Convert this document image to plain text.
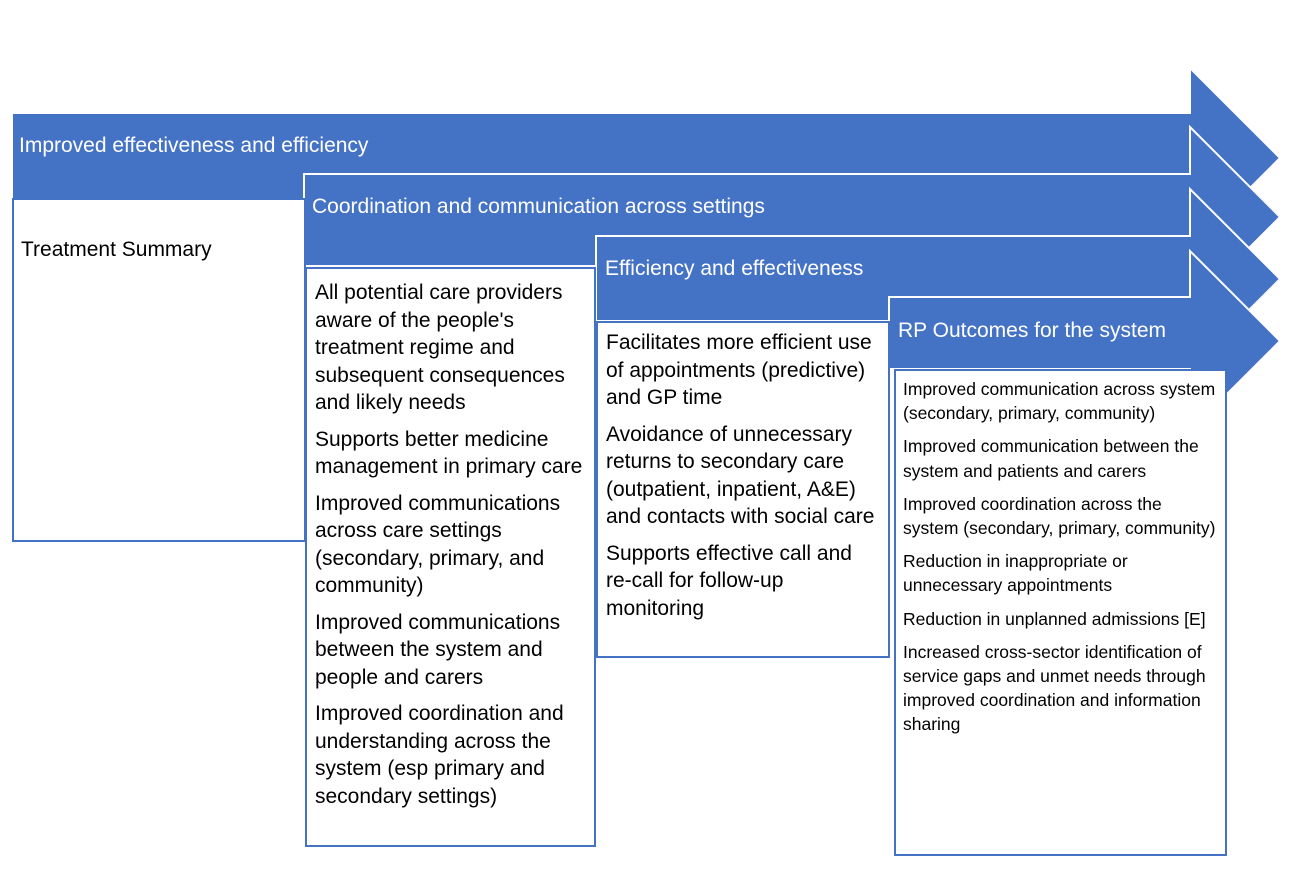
Improved effectiveness and efficiency
Coordination and communication across settings
Efficiency and effectiveness
RP Outcomes for the system
Treatment Summary
All potential care providers aware of the people's treatment regime and subsequent consequences and likely needs
Supports better medicine management in primary care
Improved communications across care settings (secondary, primary, and community)
Improved communications between the system and people and carers
Improved coordination and understanding across the system (esp primary and secondary settings)
Facilitates more efficient use of appointments (predictive) and GP time
Avoidance of unnecessary returns to secondary care (outpatient, inpatient, A&E) and contacts with social care
Supports effective call and re-call for follow-up monitoring
Improved communication across system (secondary, primary, community)
Improved communication between the system and patients and carers
Improved coordination across the system (secondary, primary, community)
Reduction in inappropriate or unnecessary appointments
Reduction in unplanned admissions [E]
Increased cross-sector identification of service gaps and unmet needs through improved coordination and information sharing
